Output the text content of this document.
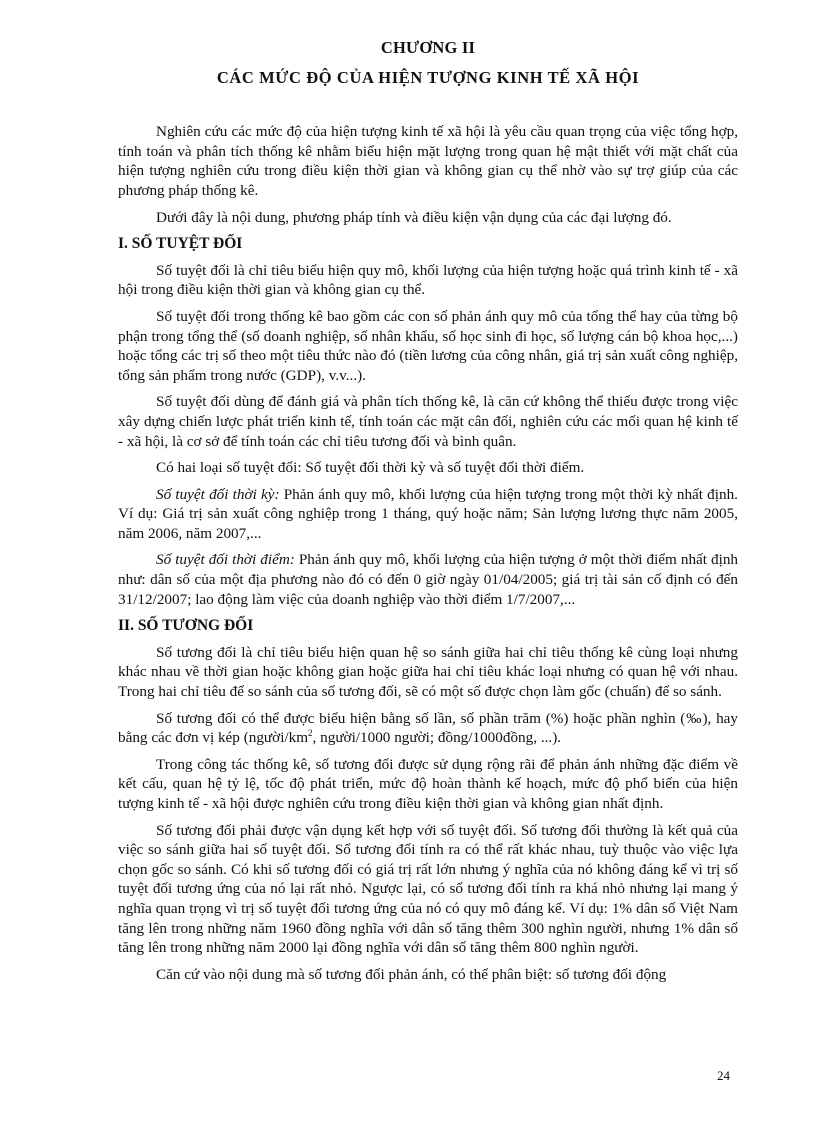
CHƯƠNG II
CÁC MỨC ĐỘ CỦA HIỆN TƯỢNG KINH TẾ XÃ HỘI

Nghiên cứu các mức độ của hiện tượng kinh tế xã hội là yêu cầu quan trọng của việc tổng hợp, tính toán và phân tích thống kê nhằm biểu hiện mặt lượng trong quan hệ mật thiết với mặt chất của hiện tượng nghiên cứu trong điều kiện thời gian và không gian cụ thể nhờ vào sự trợ giúp của các phương pháp thống kê.

Dưới đây là nội dung, phương pháp tính và điều kiện vận dụng của các đại lượng đó.

I. SỐ TUYỆT ĐỐI

Số tuyệt đối là chỉ tiêu biểu hiện quy mô, khối lượng của hiện tượng hoặc quá trình kinh tế - xã hội trong điều kiện thời gian và không gian cụ thể.

Số tuyệt đối trong thống kê bao gồm các con số phản ánh quy mô của tổng thể hay của từng bộ phận trong tổng thể (số doanh nghiệp, số nhân khẩu, số học sinh đi học, số lượng cán bộ khoa học,...) hoặc tổng các trị số theo một tiêu thức nào đó (tiền lương của công nhân, giá trị sản xuất công nghiệp, tổng sản phẩm trong nước (GDP), v.v...).

Số tuyệt đối dùng để đánh giá và phân tích thống kê, là căn cứ không thể thiếu được trong việc xây dựng chiến lược phát triển kinh tế, tính toán các mặt cân đối, nghiên cứu các mối quan hệ kinh tế - xã hội, là cơ sở để tính toán các chỉ tiêu tương đối và bình quân.

Có hai loại số tuyệt đối: Số tuyệt đối thời kỳ và số tuyệt đối thời điểm.

Số tuyệt đối thời kỳ: Phản ánh quy mô, khối lượng của hiện tượng trong một thời kỳ nhất định. Ví dụ: Giá trị sản xuất công nghiệp trong 1 tháng, quý hoặc năm; Sản lượng lương thực năm 2005, năm 2006, năm 2007,...

Số tuyệt đối thời điểm: Phản ánh quy mô, khối lượng của hiện tượng ở một thời điểm nhất định như: dân số của một địa phương nào đó có đến 0 giờ ngày 01/04/2005; giá trị tài sản cố định có đến 31/12/2007; lao động làm việc của doanh nghiệp vào thời điểm 1/7/2007,...

II. SỐ TƯƠNG ĐỐI

Số tương đối là chỉ tiêu biểu hiện quan hệ so sánh giữa hai chỉ tiêu thống kê cùng loại nhưng khác nhau về thời gian hoặc không gian hoặc giữa hai chỉ tiêu khác loại nhưng có quan hệ với nhau. Trong hai chỉ tiêu để so sánh của số tương đối, sẽ có một số được chọn làm gốc (chuẩn) để so sánh.

Số tương đối có thể được biểu hiện bằng số lần, số phần trăm (%) hoặc phần nghìn (‰), hay bằng các đơn vị kép ($người/km^2$, người/1000 người; đồng/1000đồng, ...).

Trong công tác thống kê, số tương đối được sử dụng rộng rãi để phản ánh những đặc điểm về kết cấu, quan hệ tỷ lệ, tốc độ phát triển, mức độ hoàn thành kế hoạch, mức độ phổ biến của hiện tượng kinh tế - xã hội được nghiên cứu trong điều kiện thời gian và không gian nhất định.

Số tương đối phải được vận dụng kết hợp với số tuyệt đối. Số tương đối thường là kết quả của việc so sánh giữa hai số tuyệt đối. Số tương đối tính ra có thể rất khác nhau, tuỳ thuộc vào việc lựa chọn gốc so sánh. Có khi số tương đối có giá trị rất lớn nhưng ý nghĩa của nó không đáng kể vì trị số tuyệt đối tương ứng của nó lại rất nhỏ. Ngược lại, có số tương đối tính ra khá nhỏ nhưng lại mang ý nghĩa quan trọng vì trị số tuyệt đối tương ứng của nó có quy mô đáng kể. Ví dụ: 1% dân số Việt Nam tăng lên trong những năm 1960 đồng nghĩa với dân số tăng thêm 300 nghìn người, nhưng 1% dân số tăng lên trong những năm 2000 lại đồng nghĩa với dân số tăng thêm 800 nghìn người.

Căn cứ vào nội dung mà số tương đối phản ánh, có thể phân biệt: số tương đối động

24
